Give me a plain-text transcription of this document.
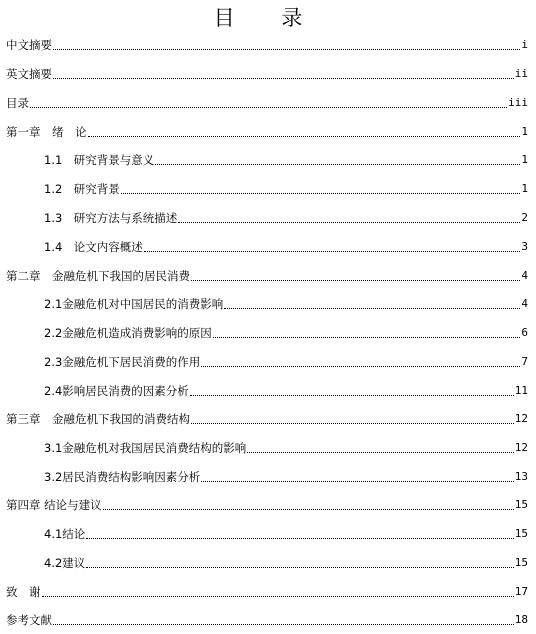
目 录
中文摘要	i
英文摘要	ii
目录	iii
第一章　绪　论	1
1.1　研究背景与意义	1
1.2　研究背景	1
1.3　研究方法与系统描述	2
1.4　论文内容概述	3
第二章　金融危机下我国的居民消费	4
2.1金融危机对中国居民的消费影响	4
2.2金融危机造成消费影响的原因	6
2.3金融危机下居民消费的作用	7
2.4影响居民消费的因素分析	11
第三章　金融危机下我国的消费结构	12
3.1金融危机对我国居民消费结构的影响	12
3.2居民消费结构影响因素分析	13
第四章 结论与建议	15
4.1结论	15
4.2建议	15
致　谢	17
参考文献	18
